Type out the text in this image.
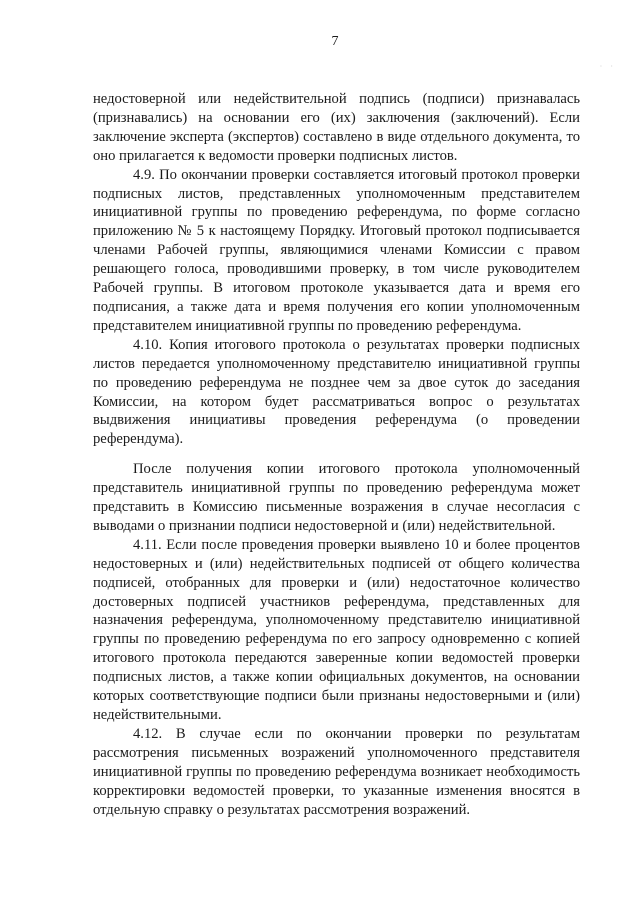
7
· ·

недостоверной или недействительной подпись (подписи) признавалась (признавались) на основании его (их) заключения (заключений). Если заключение эксперта (экспертов) составлено в виде отдельного документа, то оно прилагается к ведомости проверки подписных листов.

4.9. По окончании проверки составляется итоговый протокол проверки подписных листов, представленных уполномоченным представителем инициативной группы по проведению референдума, по форме согласно приложению № 5 к настоящему Порядку. Итоговый протокол подписывается членами Рабочей группы, являющимися членами Комиссии с правом решающего голоса, проводившими проверку, в том числе руководителем Рабочей группы. В итоговом протоколе указывается дата и время его подписания, а также дата и время получения его копии уполномоченным представителем инициативной группы по проведению референдума.

4.10. Копия итогового протокола о результатах проверки подписных листов передается уполномоченному представителю инициативной группы по проведению референдума не позднее чем за двое суток до заседания Комиссии, на котором будет рассматриваться вопрос о результатах выдвижения инициативы проведения референдума (о проведении референдума).

После получения копии итогового протокола уполномоченный представитель инициативной группы по проведению референдума может представить в Комиссию письменные возражения в случае несогласия с выводами о признании подписи недостоверной и (или) недействительной.

4.11. Если после проведения проверки выявлено 10 и более процентов недостоверных и (или) недействительных подписей от общего количества подписей, отобранных для проверки и (или) недостаточное количество достоверных подписей участников референдума, представленных для назначения референдума, уполномоченному представителю инициативной группы по проведению референдума по его запросу одновременно с копией итогового протокола передаются заверенные копии ведомостей проверки подписных листов, а также копии официальных документов, на основании которых соответствующие подписи были признаны недостоверными и (или) недействительными.

4.12. В случае если по окончании проверки по результатам рассмотрения письменных возражений уполномоченного представителя инициативной группы по проведению референдума возникает необходимость корректировки ведомостей проверки, то указанные изменения вносятся в отдельную справку о результатах рассмотрения возражений.
